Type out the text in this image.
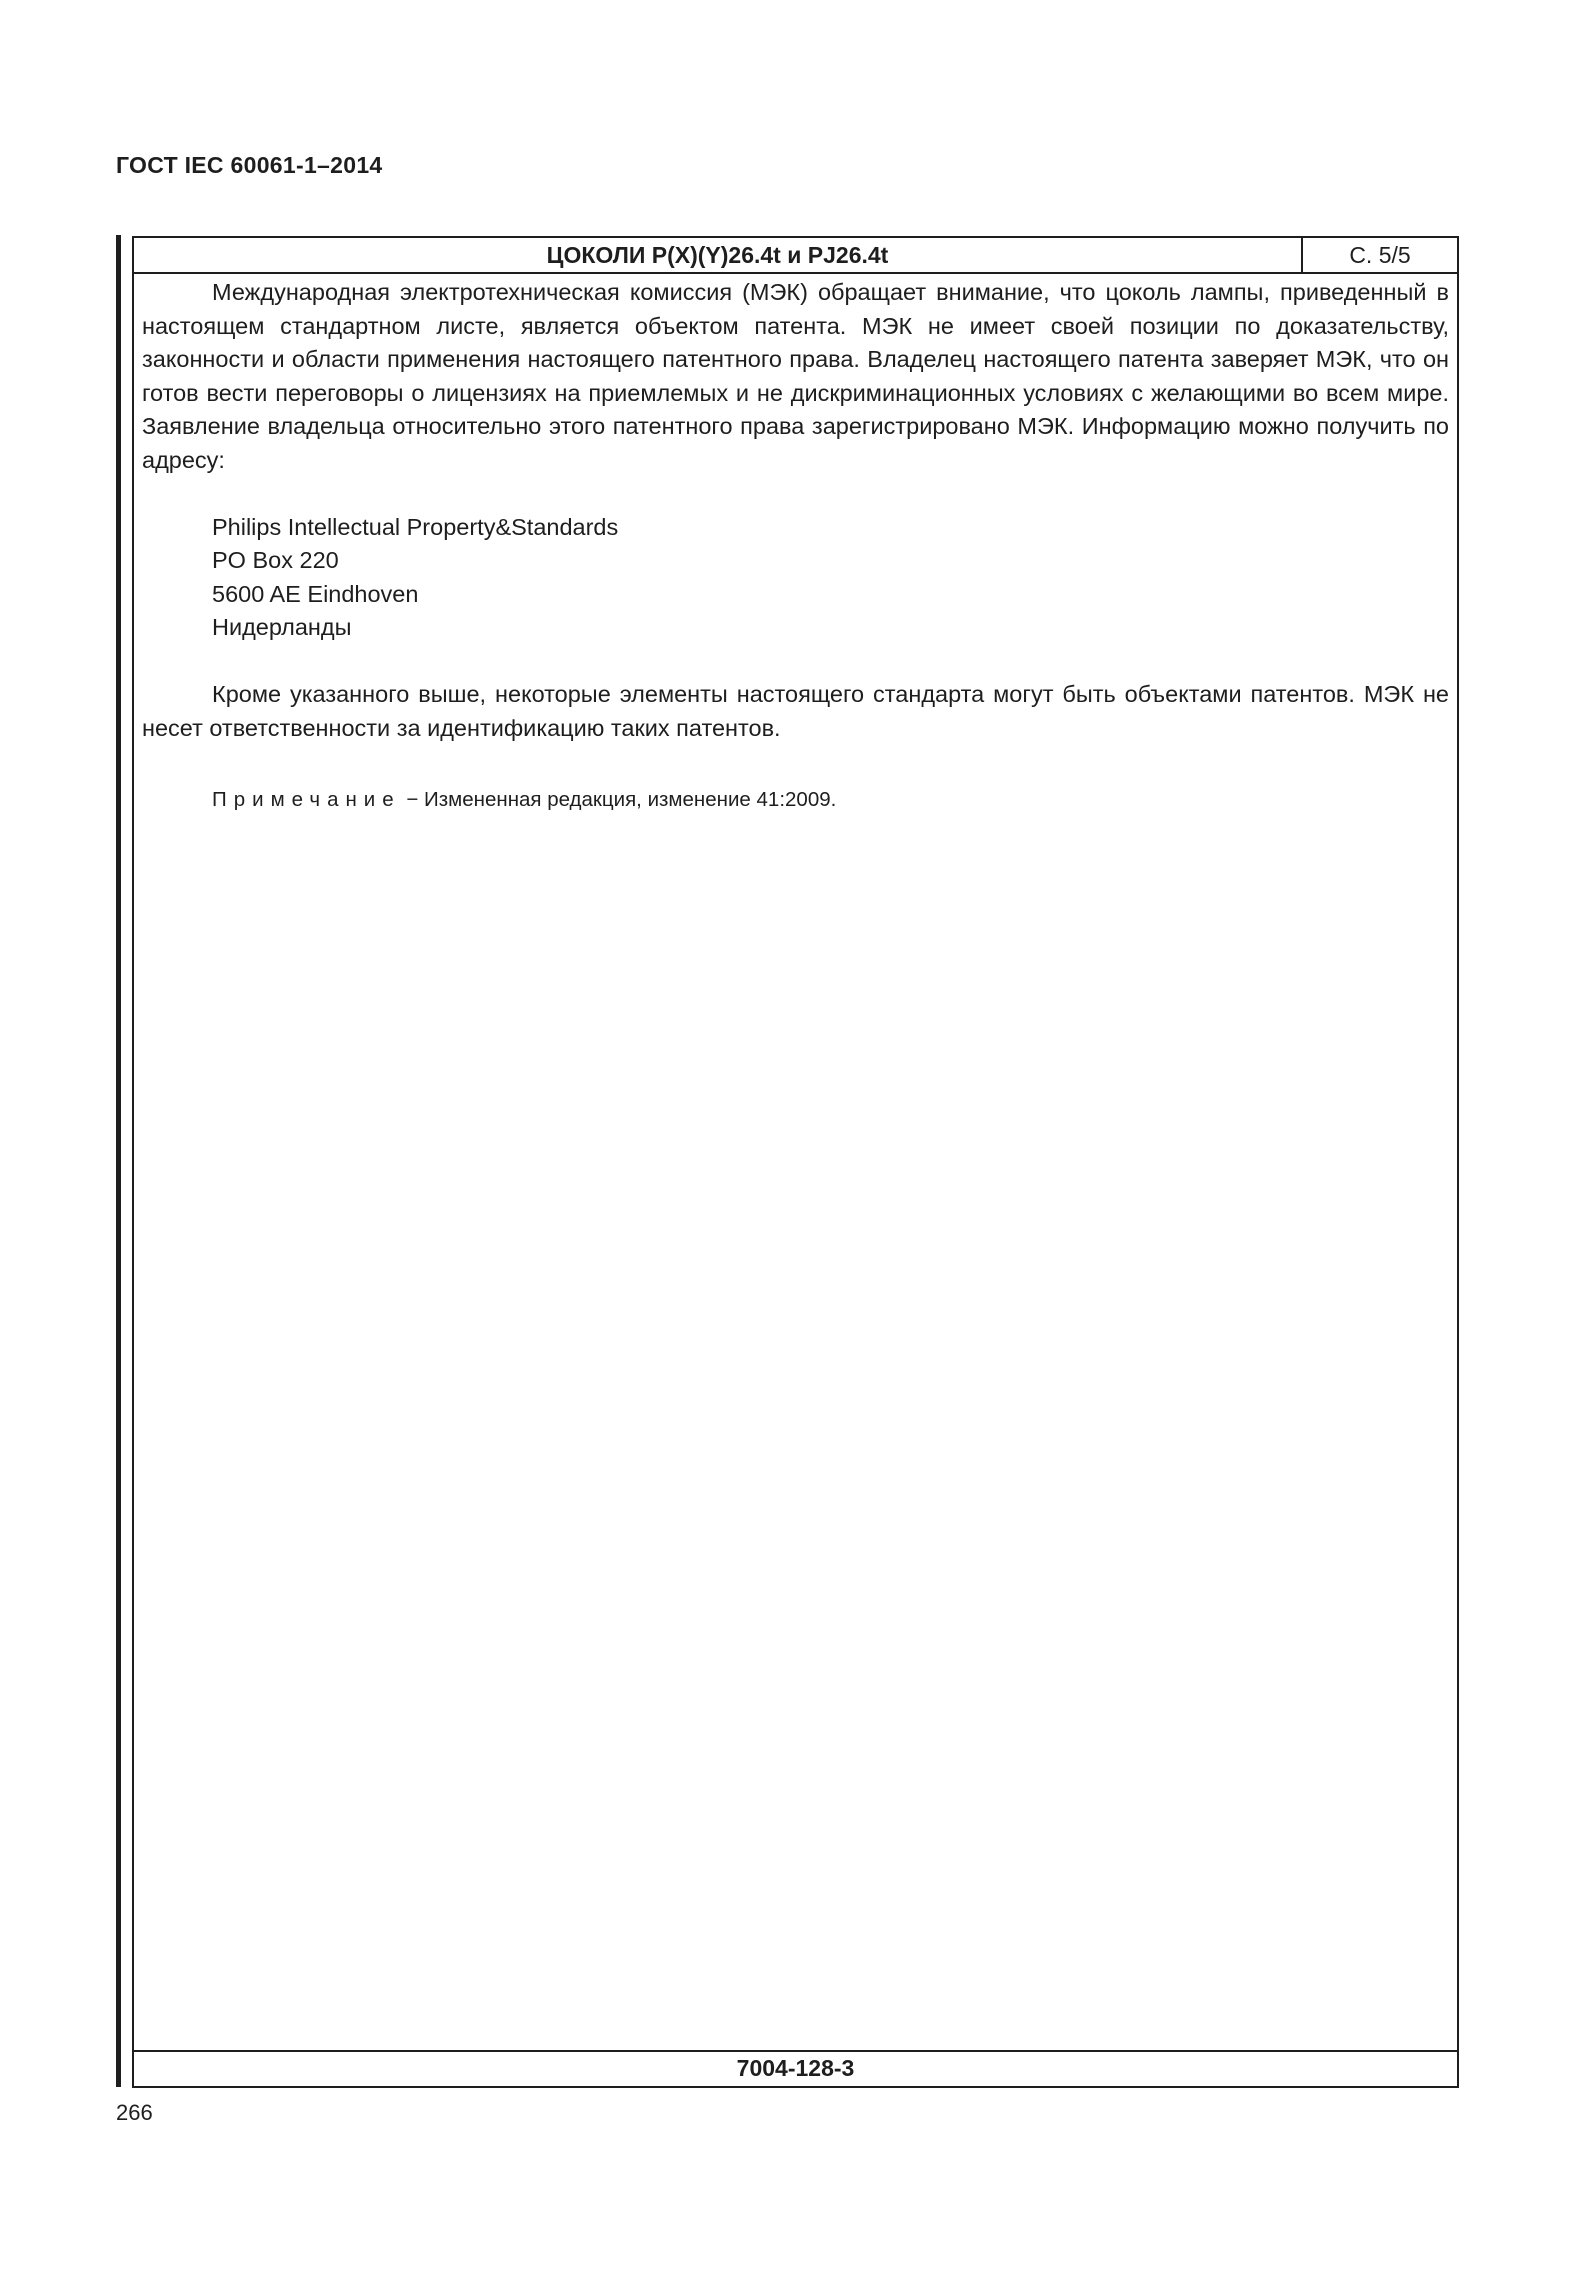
ГОСТ IEC 60061-1–2014
ЦОКОЛИ P(X)(Y)26.4t и PJ26.4t	С. 5/5

Международная электротехническая комиссия (МЭК) обращает внимание, что цоколь лампы, приведенный в настоящем стандартном листе, является объектом патента. МЭК не имеет своей позиции по доказательству, законности и области применения настоящего патентного права. Владелец настоящего патента заверяет МЭК, что он готов вести переговоры о лицензиях на приемлемых и не дискриминационных условиях с желающими во всем мире. Заявление владельца относительно этого патентного права зарегистрировано МЭК. Информацию можно получить по адресу:

Philips Intellectual Property&Standards
PO Box 220
5600 AE Eindhoven
Нидерланды

Кроме указанного выше, некоторые элементы настоящего стандарта могут быть объектами патентов. МЭК не несет ответственности за идентификацию таких патентов.

Примечание − Измененная редакция, изменение 41:2009.
7004-128-3
266
